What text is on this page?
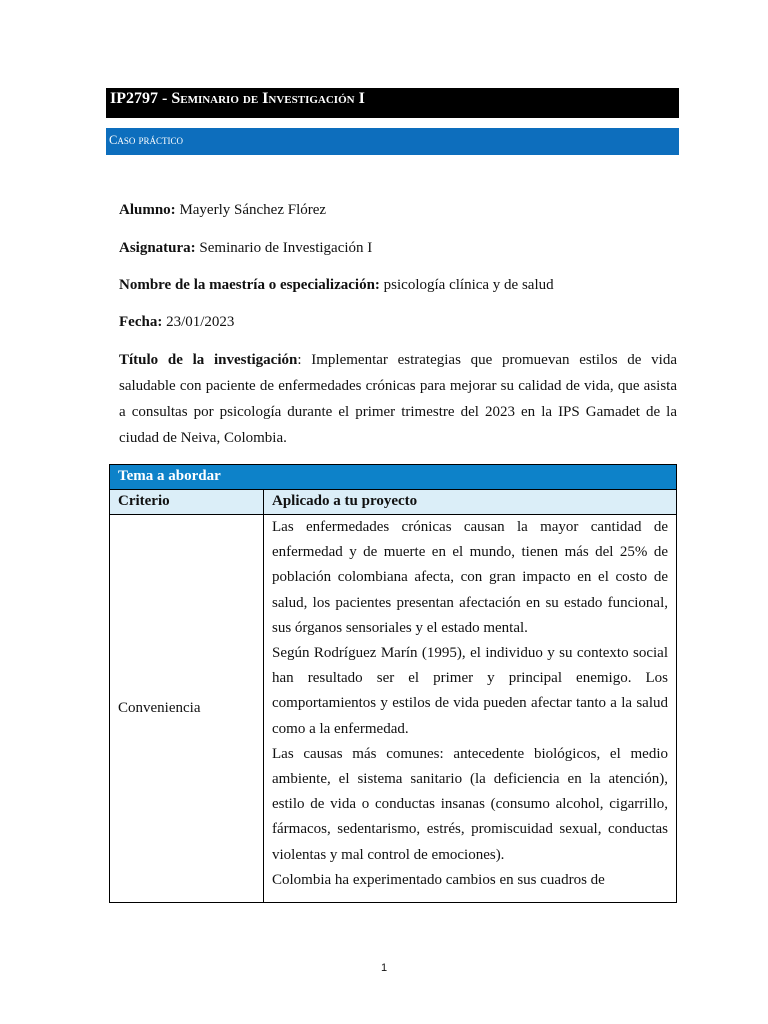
IP2797 - Seminario de Investigación I
Caso práctico
Alumno: Mayerly Sánchez Flórez
Asignatura: Seminario de Investigación I
Nombre de la maestría o especialización: psicología clínica y de salud
Fecha: 23/01/2023
Título de la investigación: Implementar estrategias que promuevan estilos de vida saludable con paciente de enfermedades crónicas para mejorar su calidad de vida, que asista a consultas por psicología durante el primer trimestre del 2023 en la IPS Gamadet de la ciudad de Neiva, Colombia.
Tema a abordar	
Criterio	Aplicado a tu proyecto
Conveniencia	Las enfermedades crónicas causan la mayor cantidad de enfermedad y de muerte en el mundo, tienen más del 25% de población colombiana afecta, con gran impacto en el costo de salud, los pacientes presentan afectación en su estado funcional, sus órganos sensoriales y el estado mental.

Según Rodríguez Marín (1995), el individuo y su contexto social han resultado ser el primer y principal enemigo. Los comportamientos y estilos de vida pueden afectar tanto a la salud como a la enfermedad.

Las causas más comunes: antecedente biológicos, el medio ambiente, el sistema sanitario (la deficiencia en la atención), estilo de vida o conductas insanas (consumo alcohol, cigarrillo, fármacos, sedentarismo, estrés, promiscuidad sexual, conductas violentas y mal control de emociones).

Colombia ha experimentado cambios en sus cuadros de

1
